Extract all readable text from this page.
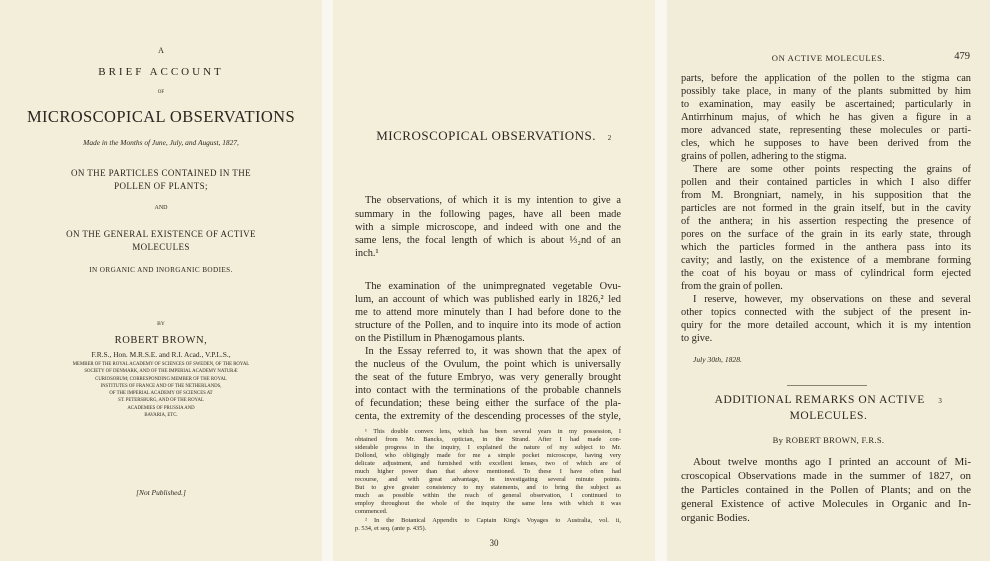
A
BRIEF ACCOUNT
OF
MICROSCOPICAL OBSERVATIONS
Made in the Months of June, July, and August, 1827,
ON THE PARTICLES CONTAINED IN THE
POLLEN OF PLANTS;
AND
ON THE GENERAL EXISTENCE OF ACTIVE
MOLECULES
IN ORGANIC AND INORGANIC BODIES.
BY
ROBERT BROWN,
F.R.S., Hon. M.R.S.E. and R.I. Acad., V.P.L.S.,
MEMBER OF THE ROYAL ACADEMY OF SCIENCES OF SWEDEN, OF THE ROYAL
SOCIETY OF DENMARK, AND OF THE IMPERIAL ACADEMY NATURÆ
CURIOSORUM; CORRESPONDING MEMBER OF THE ROYAL
INSTITUTES OF FRANCE AND OF THE NETHERLANDS,
OF THE IMPERIAL ACADEMY OF SCIENCES AT
ST. PETERSBURG, AND OF THE ROYAL
ACADEMIES OF PRUSSIA AND
BAVARIA, ETC.
[Not Published.]
MICROSCOPICAL OBSERVATIONS. 2
The observations, of which it is my intention to give a
summary in the following pages, have all been made
with a simple microscope, and indeed with one and the
same lens, the focal length of which is about ⅓₂nd of an
inch.¹
The examination of the unimpregnated vegetable Ovu-
lum, an account of which was published early in 1826,² led
me to attend more minutely than I had before done to the
structure of the Pollen, and to inquire into its mode of action
on the Pistillum in Phænogamous plants.
In the Essay referred to, it was shown that the apex of
the nucleus of the Ovulum, the point which is universally
the seat of the future Embryo, was very generally brought
into contact with the terminations of the probable channels
of fecundation; these being either the surface of the pla-
centa, the extremity of the descending processes of the style,
¹ This double convex lens, which has been several years in my possession, I
obtained from Mr. Bancks, optician, in the Strand. After I had made con-
siderable progress in the inquiry, I explained the nature of my subject to Mr.
Dollond, who obligingly made for me a simple pocket microscope, having very
delicate adjustment, and furnished with excellent lenses, two of which are of
much higher power than that above mentioned. To these I have often had
recourse, and with great advantage, in investigating several minute points.
But to give greater consistency to my statements, and to bring the subject as
much as possible within the reach of general observation, I continued to
employ throughout the whole of the inquiry the same lens with which it was
commenced.
² In the Botanical Appendix to Captain King's Voyages to Australia, vol. ii,
p. 534, et seq. (ante p. 435).
30
ON ACTIVE MOLECULES.	479
parts, before the application of the pollen to the stigma can
possibly take place, in many of the plants submitted by him
to examination, may easily be ascertained; particularly in
Antirrhinum majus, of which he has given a figure in a
more advanced state, representing these molecules or parti-
cles, which he supposes to have been derived from the
grains of pollen, adhering to the stigma.
There are some other points respecting the grains of
pollen and their contained particles in which I also differ
from M. Brongniart, namely, in his supposition that the
particles are not formed in the grain itself, but in the cavity
of the anthera; in his assertion respecting the presence of
pores on the surface of the grain in its early state, through
which the particles formed in the anthera pass into its
cavity; and lastly, on the existence of a membrane forming
the coat of his boyau or mass of cylindrical form ejected
from the grain of pollen.
I reserve, however, my observations on these and several
other topics connected with the subject of the present in-
quiry for the more detailed account, which it is my intention
to give.
July 30th, 1828.
ADDITIONAL REMARKS ON ACTIVE 3
MOLECULES.
By ROBERT BROWN, F.R.S.
About twelve months ago I printed an account of Mi-
croscopical Observations made in the summer of 1827, on
the Particles contained in the Pollen of Plants; and on the
general Existence of active Molecules in Organic and In-
organic Bodies.
